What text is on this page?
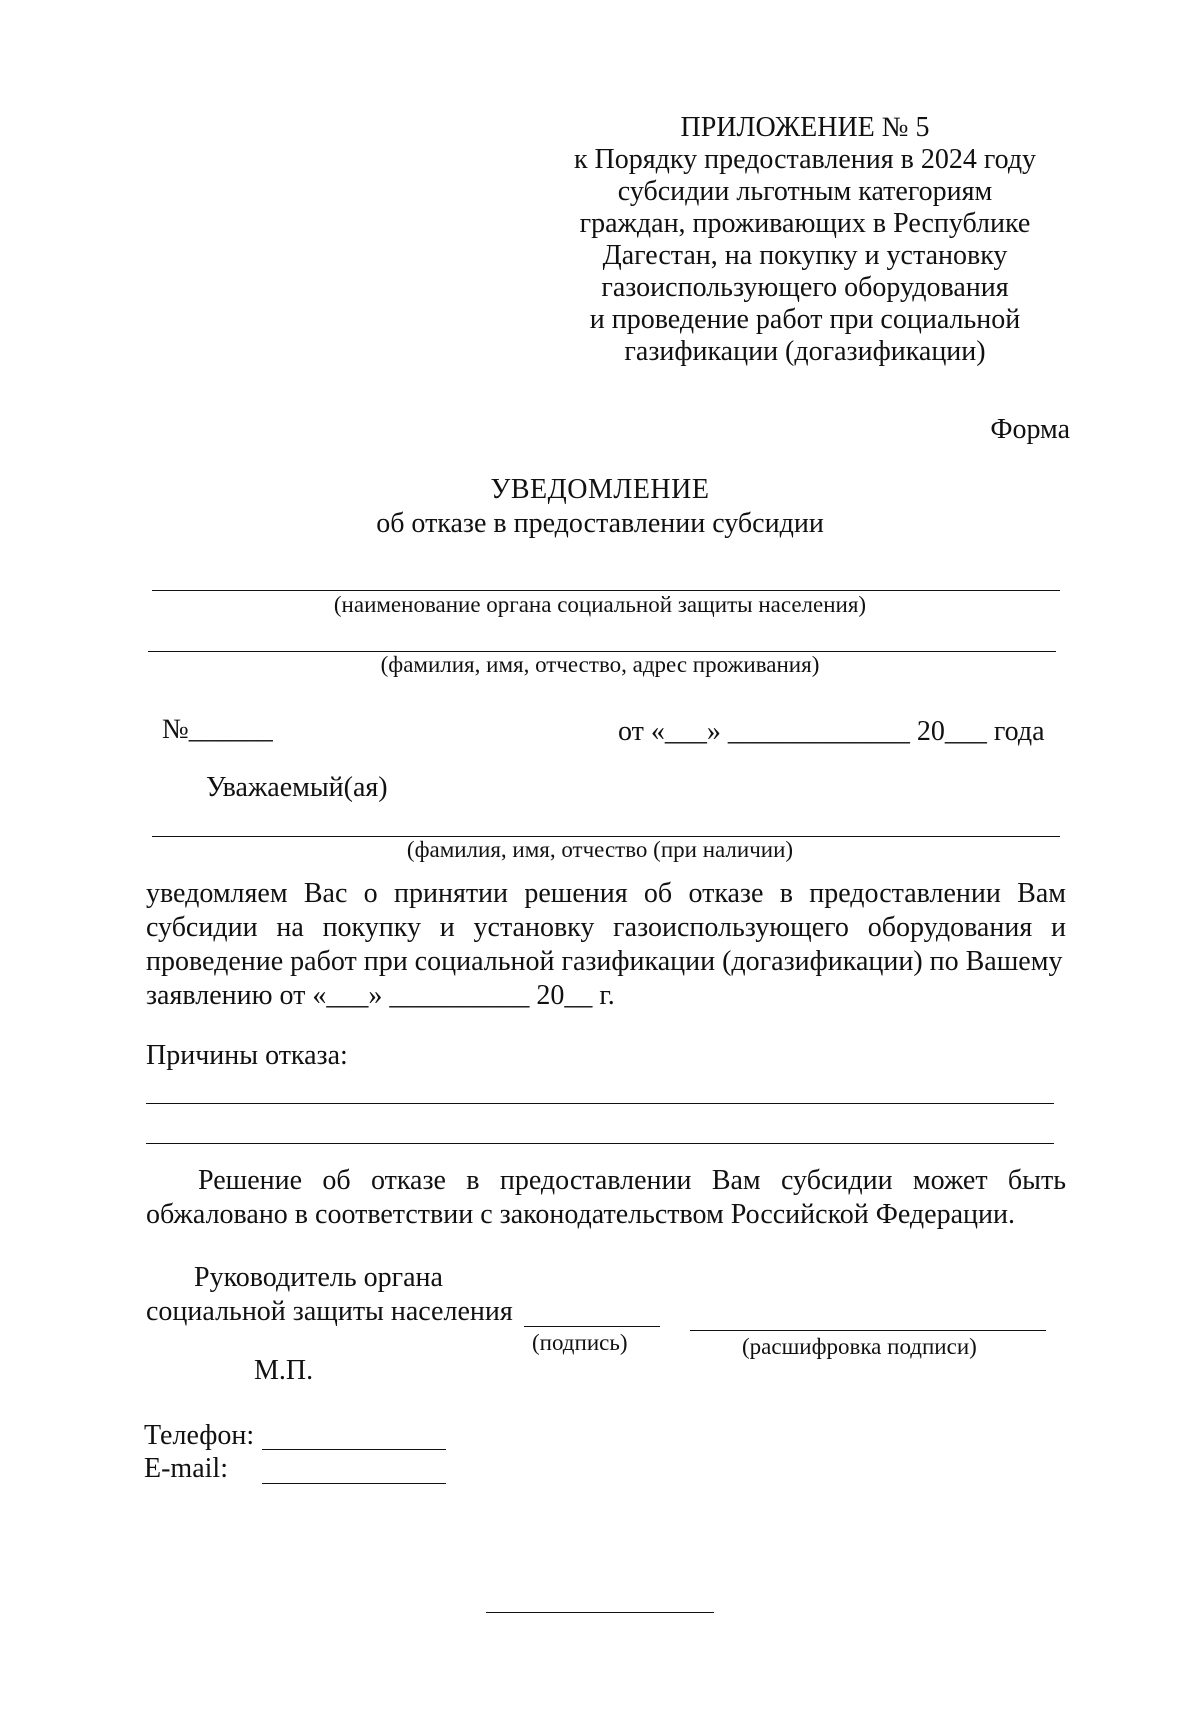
ПРИЛОЖЕНИЕ № 5
к Порядку предоставления в 2024 году
субсидии льготным категориям
граждан, проживающих в Республике
Дагестан, на покупку и установку
газоиспользующего оборудования
и проведение работ при социальной
газификации (догазификации)
Форма
УВЕДОМЛЕНИЕ
об отказе в предоставлении субсидии
(наименование органа социальной защиты населения)
(фамилия, имя, отчество, адрес проживания)
№______	от «___» _____________ 20___ года
Уважаемый(ая)
(фамилия, имя, отчество (при наличии)
уведомляем Вас о принятии решения об отказе в предоставлении Вам субсидии на покупку и установку газоиспользующего оборудования и проведение работ при социальной газификации (догазификации) по Вашему
заявлению от «___» __________ 20__ г.
Причины отказа:
Решение об отказе в предоставлении Вам субсидии может быть обжаловано в соответствии с законодательством Российской Федерации.
Руководитель органа
социальной защиты населения
(подпись)	(расшифровка подписи)
М.П.
Телефон:
E-mail:
